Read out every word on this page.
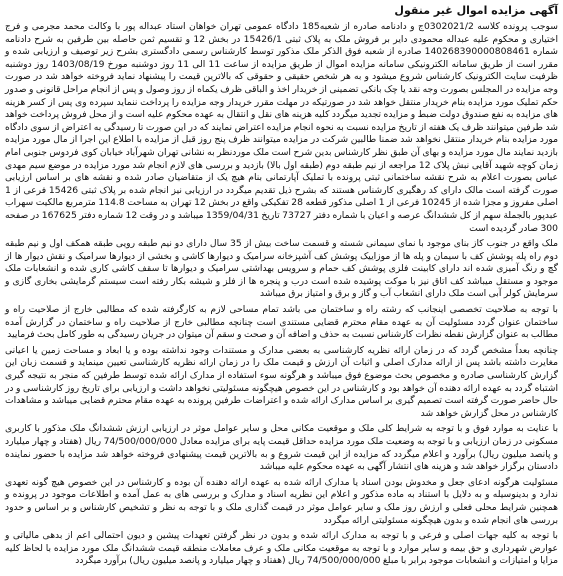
آگهی مزایده اموال غیر منقول

سوجب پرونده کلاسه 0302021/2ج و دادنامه صادره از شعبه185 دادگاه عمومی تهران خواهان استاد عبداله پور با وکالت محمد مجرمی و فرج اختیاری و محکوم علیه عبداله محمودی دایر بر فروش ملک به پلاک ثبتی 15426/1 در بخش 12 و تقسیم ثمن حاصله بین طرفین به شرح دادنامه شماره 140268390000808461 صادره از شعبه فوق الذکر ملک مذکور توسط کارشناس رسمی دادگستری بشرح زیر توصیف و ارزیابی شده و مقرر است از طریق سامانه الکترونیکی سامانه مزایده اموال از طریق مزایده از ساعت 11 الی 11 روز دوشنبه مورخ 1403/08/19 روز دوشنبه ظرفیت سایت الکترونیک کارشناس شروع میشود و به هر شخص حقیقی و حقوقی که بالاترین قیمت را پیشنهاد نماید فروخته خواهد شد در صورت وجه مزایده در المجلس بصورت وجه نقد یا چک بانکی تضمینی از خریدار اخذ و الباقی ظرف یکماه از روز وصول و پس از انجام مراحل قانونی و صدور حکم تملیک مورد مزایده بنام خریدار منتقل خواهد شد در صورتیکه در مهلت مقرر خریدار وجه مزایده را پرداخت ننماید سپرده وی پس از کسر هزینه های مزایده به نفع صندوق دولت ضبط و مزایده تجدید میگردد کلیه هزینه های نقل و انتقال به عهده محکوم علیه است و از محل فروش پرداخت خواهد شد طرفین میتوانند ظرف یک هفته از تاریخ مزایده نسبت به نحوه انجام مزایده اعتراض نمایند که در این صورت تا رسیدگی به اعتراض از سوی دادگاه مورد مزایده بنام خریدار منتقل نخواهد شد ضمنا طالبین شرکت در مزایده میتوانند ظرف پنج روز قبل از مزایده با اطلاع این اجرا از مال مورد مزایده بازدید نمایند مال مورد مزایده و بهای آن طبق نظر کارشناس بدین شرح است ملک موردنظر به نشانی تهران شهرآباد خیابان کوی فردوس جنوبی امام زمان کوچه شهید آقایی نبش پلاک 12 مراجعه از نیم طبقه دوم (طبقه اول بالا) بازدید و بررسی های لازم انجام شد مورد مزایده در موضع سیم مهدی عباس بصورت اعلام به شرح نقشه ساختمانی ثبتی پرونده با تملیک آپارتمانی بنام هیچ یک از متقاضیان صادر شده و نقشه های بر اساس ارزیابی صورت گرفته است مالک دارای کد رهگیری کارشناس هستند که بشرح ذیل تقدیم میگردد در ارزیابی نیز انجام شده بر پلاک ثبتی 15426 فرعی از 1 اصلی مفروز و مجزا شده از 10245 فرعی از 1 اصلی مذکور قطعه 28 تفکیکی واقع در بخش 12 تهران به مساحت 114.8 مترمربع مالکیت سهراب عبدپور بالجملة سهم از کل ششدانگ عرصه و اعیان با شماره دفتر 73727 تاریخ 1359/04/31 میباشد و در وقت 12 شماره دفتر 167625 در صفحه 300 صادر گردیده است

ملک واقع در جنوب کاز بنای موجود با نمای سیمانی شسته و قسمت ساخت بیش از 35 سال دارای دو نیم طبقه رویی طبقه همکف اول و نیم طبقه دوم راه پله پوشش کف با سیمان و پله ها از موزاییک پوشش کف آشپزخانه سرامیک و دیوارها کاشی و بخشی از دیوارها سرامیک و نقش دیوار ها از گچ و رنگ آمیزی شده اند دارای کابینت فلزی پوشش کف حمام و سرویس بهداشتی سرامیک و دیوارها تا سقف کاشی کاری شده و انشعابات ملک موجود و مستقل میباشد کف اتاق نیز با موکت پوشیده شده است درب و پنجره ها از فلز و شیشه بکار رفته است سیستم گرمایشی بخاری گازی و سرمایش کولر آبی است ملک دارای انشعاب آب و گاز و برق و امتیاز برق میباشد

با توجه به صلاحیت تخصصی اینجانب که رشته راه و ساختمان می باشد تمام مساحی لازم به کارگرفته شده که مطالبی خارج از صلاحیت راه و ساختمان عنوان گردد مسئولیت آن به عهده مقام محترم قضایی مستندی است چنانچه مطالبی خارج از صلاحیت راه و ساختمان در گزارش آمده مطالب به عنوان گزارش نقطه نظرات کارشناس نسبت به حذف و اضافه آن و صحت و سقم آن میتوان در جریان رسیدگی به طور کامل بحث فرمایید

چنانچه بعداً مشخص گردد که در زمان ارائه نظریه کارشناسی به بعضی مدارک و مستندات وجود نداشته بوده و یا ابعاد و مساحت زمین یا اعیانی مغایرت داشته باشد پس از ارائه مدارک اصلی و اثبات آن ارزش و قیمت ملک را در زمان ارائه نظریه کارشناسی تعیین مینماید و قسمت زبان این گزارش کارشناسی صادره و مخصوص بحث موضوع فوق میباشد و هرگونه سوء استفاده از مدارک ارائه شده توسط طرفین که منجر به نتیجه گیری اشتباه گردد به عهده ارائه دهنده آن خواهد بود و کارشناس در این خصوص هیچگونه مسئولیتی نخواهد داشت و ارزیابی برای تاریخ روز کارشناسی و در حال حاضر صورت گرفته است تصمیم گیری بر اساس مدارک ارائه شده و اعتراضات طرفین پرونده به عهده مقام محترم قضایی میباشد و مشاهدات کارشناس در محل گزارش خواهد شد

با عنایت به موارد فوق و با توجه به شرایط کلی ملک و موقعیت مکانی محل و سایر عوامل موثر در ارزیابی ارزش ششدانگ ملک مذکور با کاربری مسکونی در زمان ارزیابی و با توجه به وضعیت ملک مورد مزایده حداقل قیمت پایه برای مزایده معادل 74/500/000/000 ریال (هفتاد و چهار میلیارد و پانصد میلیون ریال) برآورد و اعلام میگردد که مزایده از این قیمت شروع و به بالاترین قیمت پیشنهادی فروخته خواهد شد مزایده با حضور نماینده دادستان برگزار خواهد شد و هزینه های انتشار آگهی به عهده محکوم علیه میباشد

مسئولیت هرگونه ادعای جعل و مخدوش بودن اسناد یا مدارک ارائه شده به عهده ارائه دهنده آن بوده و کارشناس در این خصوص هیچ گونه تعهدی ندارد و بدینوسیله و به دلایل با استناد به ماده مذکور و اعلام این نظریه اسناد و مدارک و بررسی های به عمل آمده و اطلاعات موجود در پرونده و همچنین شرایط محلی فعلی و ارزش روز ملک و سایر عوامل موثر در قیمت گذاری ملک و با توجه به نظر و تشخیص کارشناس و بر اساس و حدود بررسی های انجام شده و بدون هیچگونه مسئولیتی ارائه میگردد

با توجه به کلیه جهات اصلی و فرعی و با توجه به مدارک ارائه شده و بدون در نظر گرفتن تعهدات پیشین و دیون احتمالی اعم از بدهی مالیاتی و عوارض شهرداری و حق بیمه و سایر موارد و با توجه به موقعیت مکانی ملک و عرف معاملات منطقه قیمت ششدانگ ملک مورد مزایده با لحاظ کلیه مزایا و امتیازات و انشعابات موجود برابر با مبلغ 74/500/000/000 ریال (هفتاد و چهار میلیارد و پانصد میلیون ریال) برآورد میگردد
